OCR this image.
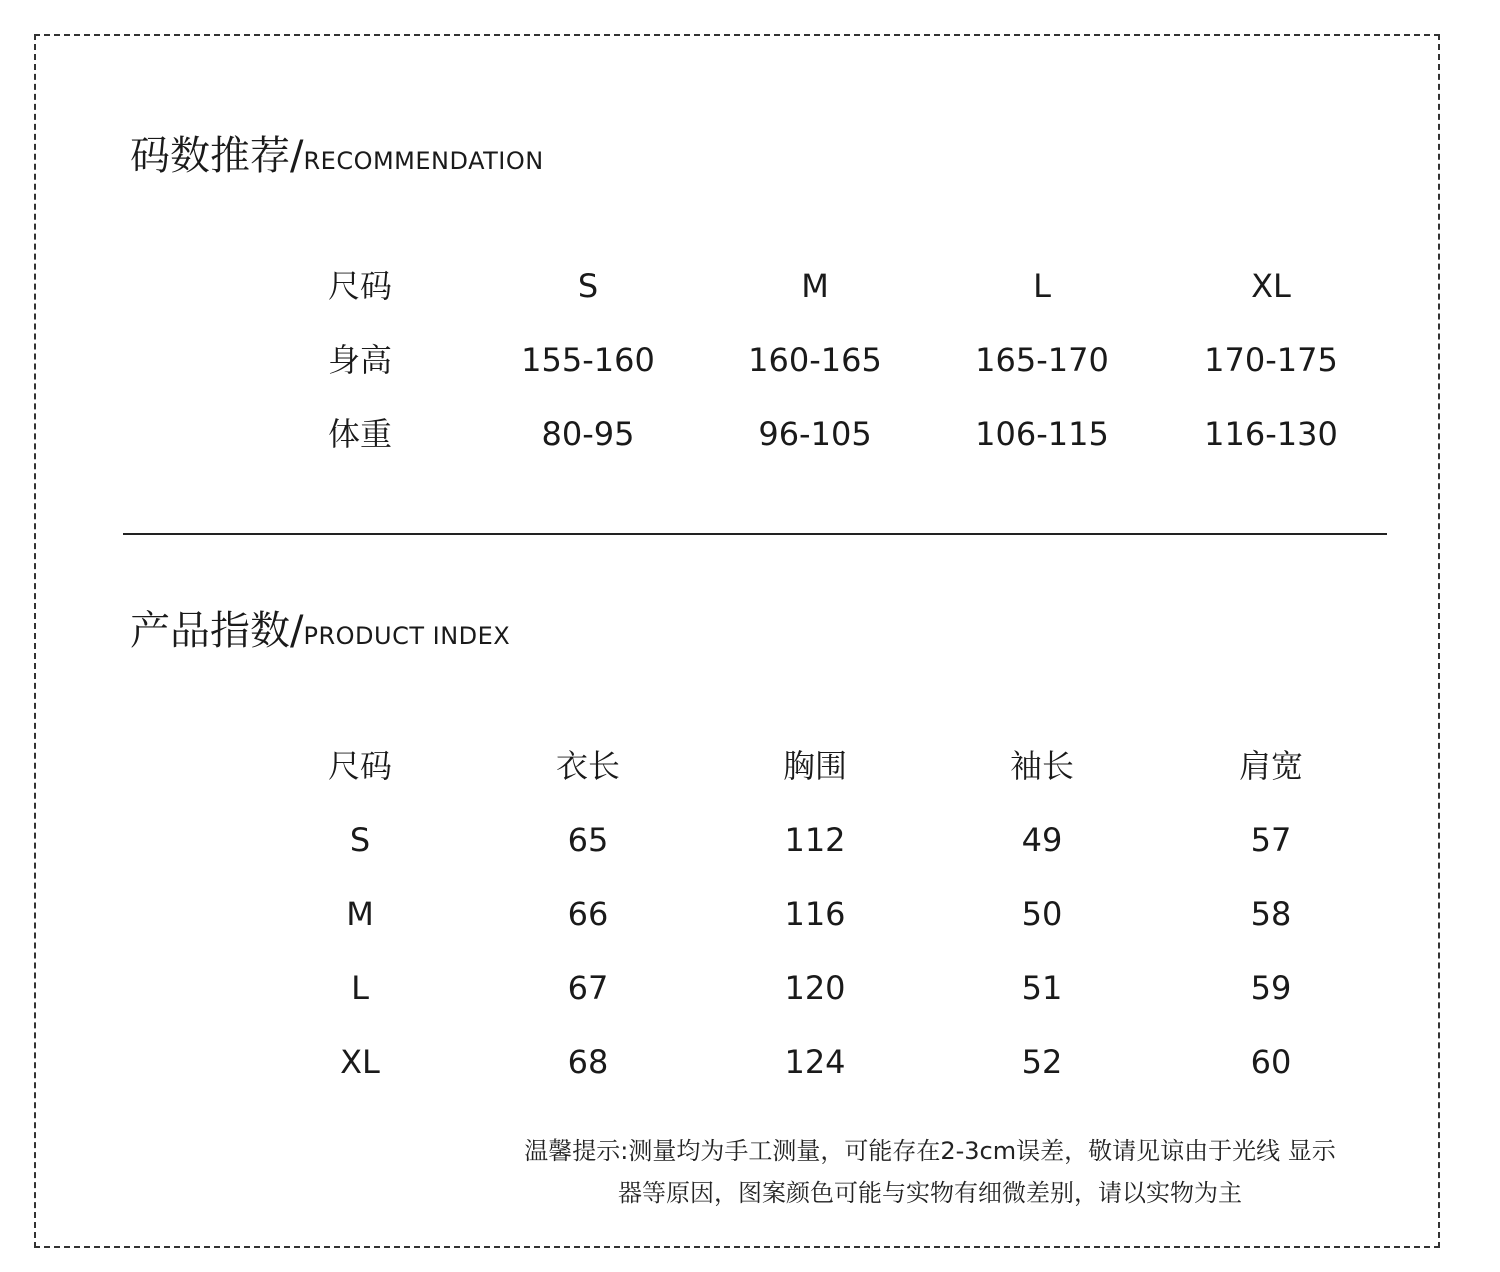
码数推荐/RECOMMENDATION
尺码	S	M	L	XL
身高	155-160	160-165	165-170	170-175
体重	80-95	96-105	106-115	116-130
产品指数/PRODUCT INDEX
尺码	衣长	胸围	袖长	肩宽
S	65	112	49	57
M	66	116	50	58
L	67	120	51	59
XL	68	124	52	60
温馨提示:测量均为手工测量，可能存在2-3cm误差，敬请见谅由于光线 显示
器等原因，图案颜色可能与实物有细微差别，请以实物为主
